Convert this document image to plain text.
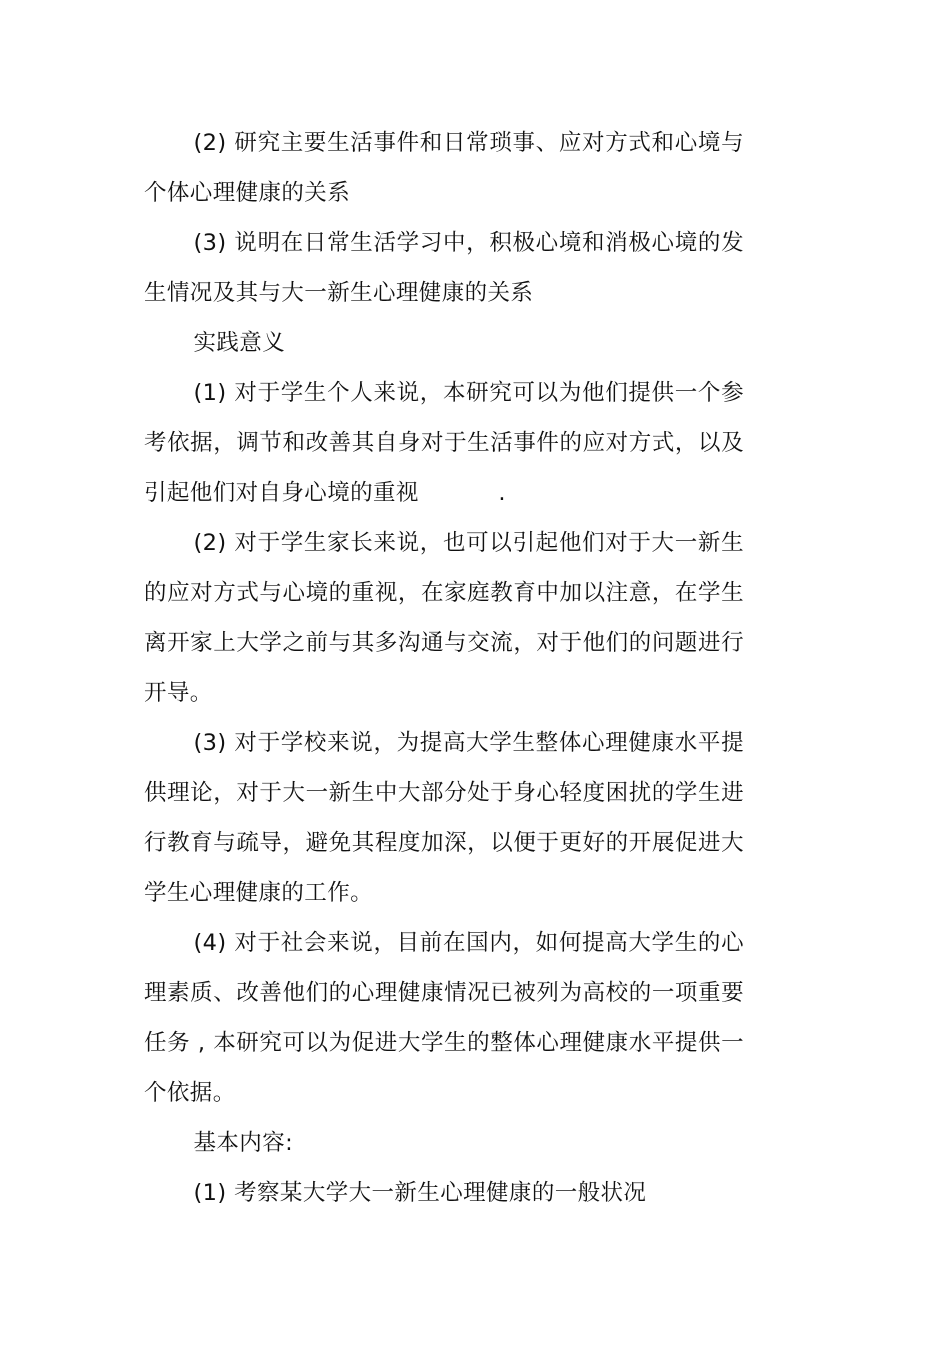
(2) 研究主要生活事件和日常琐事、应对方式和心境与个体心理健康的关系

(3) 说明在日常生活学习中，积极心境和消极心境的发生情况及其与大一新生心理健康的关系

实践意义

(1) 对于学生个人来说，本研究可以为他们提供一个参考依据，调节和改善其自身对于生活事件的应对方式，以及引起他们对自身心境的重视	.

(2) 对于学生家长来说，也可以引起他们对于大一新生的应对方式与心境的重视，在家庭教育中加以注意，在学生离开家上大学之前与其多沟通与交流，对于他们的问题进行开导。

(3) 对于学校来说，为提高大学生整体心理健康水平提供理论，对于大一新生中大部分处于身心轻度困扰的学生进行教育与疏导，避免其程度加深，以便于更好的开展促进大学生心理健康的工作。

(4) 对于社会来说，目前在国内，如何提高大学生的心理素质、改善他们的心理健康情况已被列为高校的一项重要任务 , 本研究可以为促进大学生的整体心理健康水平提供一个依据。

基本内容:

(1) 考察某大学大一新生心理健康的一般状况
